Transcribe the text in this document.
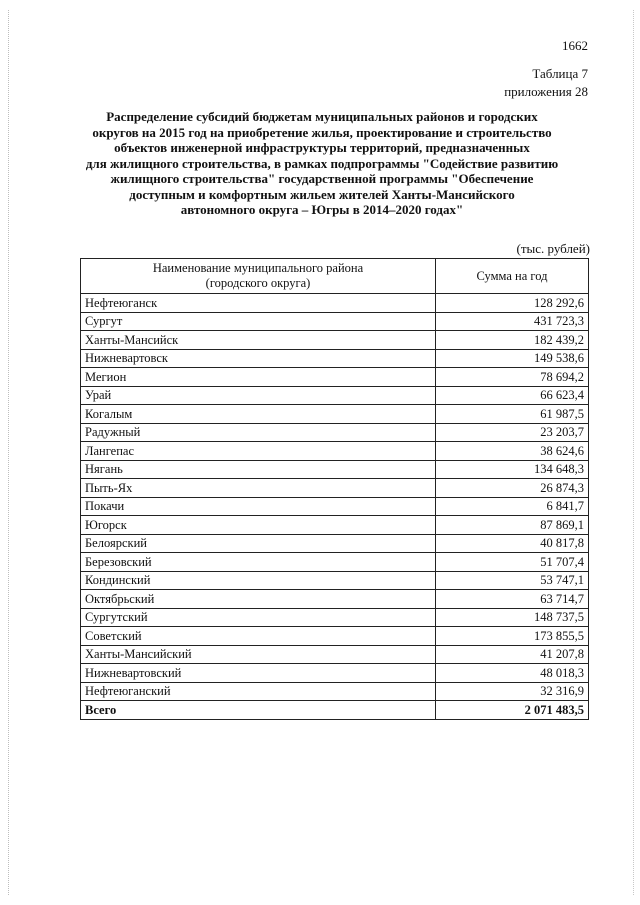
1662
Таблица 7
приложения 28
Распределение субсидий бюджетам муниципальных районов и городских
округов на 2015 год на приобретение жилья, проектирование и строительство
объектов инженерной инфраструктуры территорий, предназначенных
для жилищного строительства, в рамках подпрограммы "Содействие развитию
жилищного строительства" государственной программы "Обеспечение
доступным и комфортным жильем жителей Ханты-Мансийского
автономного округа – Югры в 2014–2020 годах"
(тыс. рублей)
Наименование муниципального района
(городского округа)	Сумма на год
Нефтеюганск	128 292,6
Сургут	431 723,3
Ханты-Мансийск	182 439,2
Нижневартовск	149 538,6
Мегион	78 694,2
Урай	66 623,4
Когалым	61 987,5
Радужный	23 203,7
Лангепас	38 624,6
Нягань	134 648,3
Пыть-Ях	26 874,3
Покачи	6 841,7
Югорск	87 869,1
Белоярский	40 817,8
Березовский	51 707,4
Кондинский	53 747,1
Октябрьский	63 714,7
Сургутский	148 737,5
Советский	173 855,5
Ханты-Мансийский	41 207,8
Нижневартовский	48 018,3
Нефтеюганский	32 316,9
Всего	2 071 483,5
